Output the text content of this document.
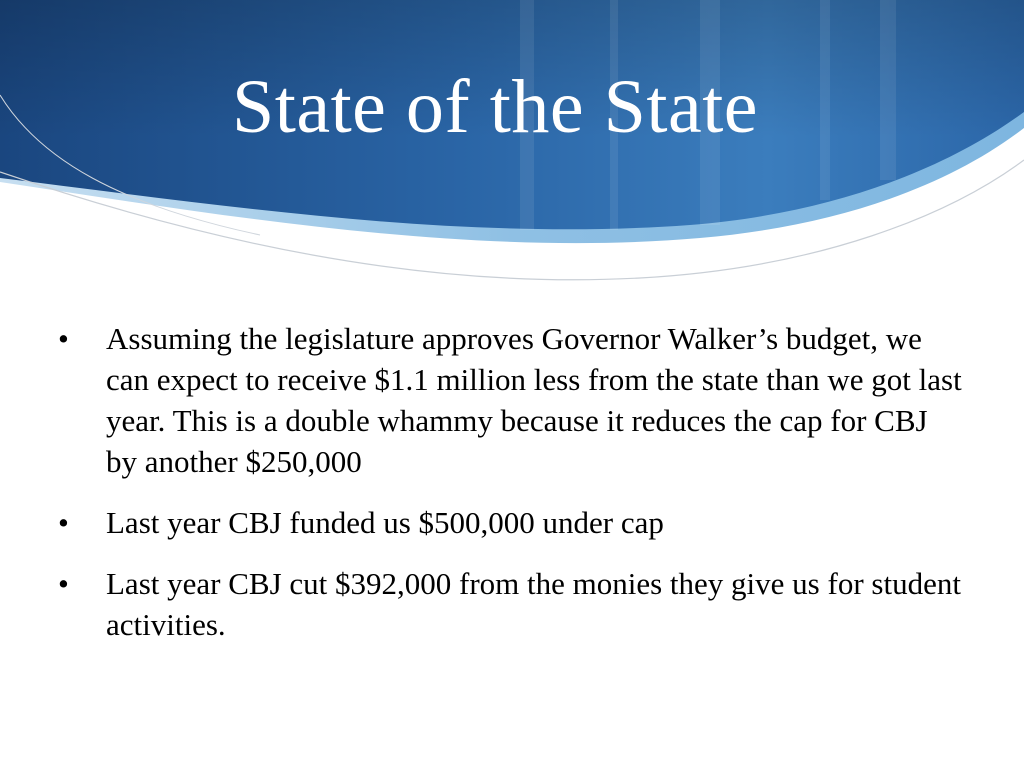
State of the State
• Assuming the legislature approves Governor Walker’s budget, we can expect to receive $1.1 million less from the state than we got last year. This is a double whammy because it reduces the cap for CBJ by another $250,000
• Last year CBJ funded us $500,000 under cap
• Last year CBJ cut $392,000 from the monies they give us for student activities.
